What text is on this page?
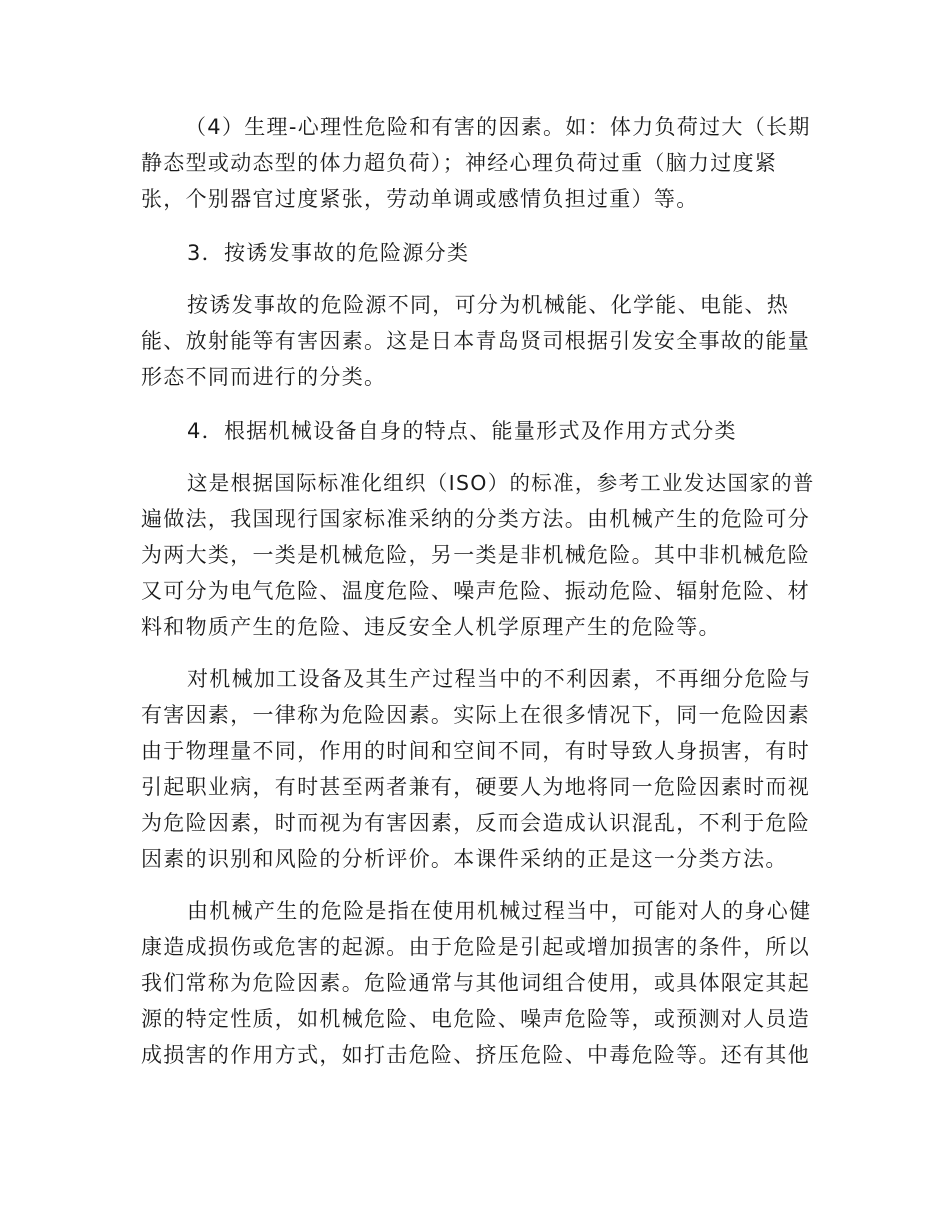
（4）生理-心理性危险和有害的因素。如：体力负荷过大（长期
静态型或动态型的体力超负荷）；神经心理负荷过重（脑力过度紧
张，个别器官过度紧张，劳动单调或感情负担过重）等。
3．按诱发事故的危险源分类
按诱发事故的危险源不同，可分为机械能、化学能、电能、热
能、放射能等有害因素。这是日本青岛贤司根据引发安全事故的能量
形态不同而进行的分类。
4．根据机械设备自身的特点、能量形式及作用方式分类
这是根据国际标准化组织（ISO）的标准，参考工业发达国家的普
遍做法，我国现行国家标准采纳的分类方法。由机械产生的危险可分
为两大类，一类是机械危险，另一类是非机械危险。其中非机械危险
又可分为电气危险、温度危险、噪声危险、振动危险、辐射危险、材
料和物质产生的危险、违反安全人机学原理产生的危险等。
对机械加工设备及其生产过程当中的不利因素，不再细分危险与
有害因素，一律称为危险因素。实际上在很多情况下，同一危险因素
由于物理量不同，作用的时间和空间不同，有时导致人身损害，有时
引起职业病，有时甚至两者兼有，硬要人为地将同一危险因素时而视
为危险因素，时而视为有害因素，反而会造成认识混乱，不利于危险
因素的识别和风险的分析评价。本课件采纳的正是这一分类方法。
由机械产生的危险是指在使用机械过程当中，可能对人的身心健
康造成损伤或危害的起源。由于危险是引起或增加损害的条件，所以
我们常称为危险因素。危险通常与其他词组合使用，或具体限定其起
源的特定性质，如机械危险、电危险、噪声危险等，或预测对人员造
成损害的作用方式，如打击危险、挤压危险、中毒危险等。还有其他
